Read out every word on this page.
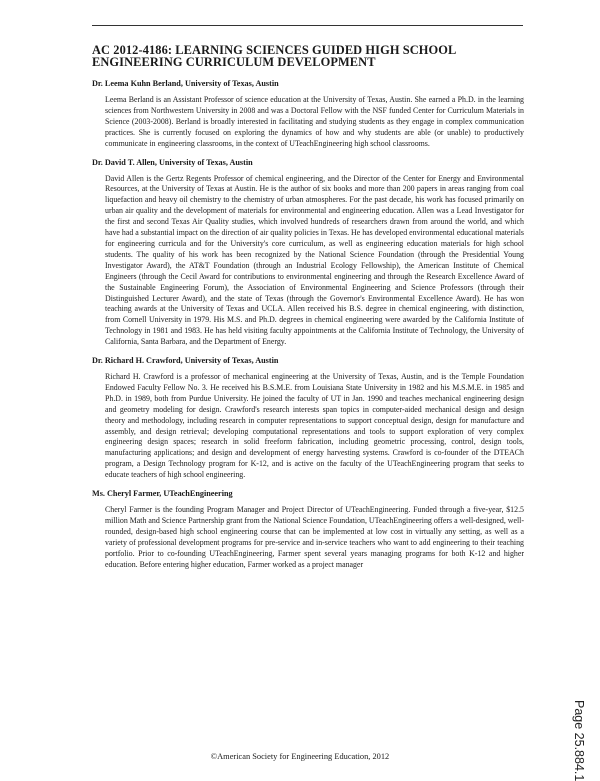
AC 2012-4186: LEARNING SCIENCES GUIDED HIGH SCHOOL ENGINEERING CURRICULUM DEVELOPMENT
Dr. Leema Kuhn Berland, University of Texas, Austin

Leema Berland is an Assistant Professor of science education at the University of Texas, Austin. She earned a Ph.D. in the learning sciences from Northwestern University in 2008 and was a Doctoral Fellow with the NSF funded Center for Curriculum Materials in Science (2003-2008). Berland is broadly interested in facilitating and studying students as they engage in complex communication practices. She is currently focused on exploring the dynamics of how and why students are able (or unable) to productively communicate in engineering classrooms, in the context of UTeachEngineering high school classrooms.

Dr. David T. Allen, University of Texas, Austin

David Allen is the Gertz Regents Professor of chemical engineering, and the Director of the Center for Energy and Environmental Resources, at the University of Texas at Austin. He is the author of six books and more than 200 papers in areas ranging from coal liquefaction and heavy oil chemistry to the chemistry of urban atmospheres. For the past decade, his work has focused primarily on urban air quality and the development of materials for environmental and engineering education. Allen was a Lead Investigator for the first and second Texas Air Quality studies, which involved hundreds of researchers drawn from around the world, and which have had a substantial impact on the direction of air quality policies in Texas. He has developed environmental educational materials for engineering curricula and for the University's core curriculum, as well as engineering education materials for high school students. The quality of his work has been recognized by the National Science Foundation (through the Presidential Young Investigator Award), the AT&T Foundation (through an Industrial Ecology Fellowship), the American Institute of Chemical Engineers (through the Cecil Award for contributions to environmental engineering and through the Research Excellence Award of the Sustainable Engineering Forum), the Association of Environmental Engineering and Science Professors (through their Distinguished Lecturer Award), and the state of Texas (through the Governor's Environmental Excellence Award). He has won teaching awards at the University of Texas and UCLA. Allen received his B.S. degree in chemical engineering, with distinction, from Cornell University in 1979. His M.S. and Ph.D. degrees in chemical engineering were awarded by the California Institute of Technology in 1981 and 1983. He has held visiting faculty appointments at the California Institute of Technology, the University of California, Santa Barbara, and the Department of Energy.

Dr. Richard H. Crawford, University of Texas, Austin

Richard H. Crawford is a professor of mechanical engineering at the University of Texas, Austin, and is the Temple Foundation Endowed Faculty Fellow No. 3. He received his B.S.M.E. from Louisiana State University in 1982 and his M.S.M.E. in 1985 and Ph.D. in 1989, both from Purdue University. He joined the faculty of UT in Jan. 1990 and teaches mechanical engineering design and geometry modeling for design. Crawford's research interests span topics in computer-aided mechanical design and design theory and methodology, including research in computer representations to support conceptual design, design for manufacture and assembly, and design retrieval; developing computational representations and tools to support exploration of very complex engineering design spaces; research in solid freeform fabrication, including geometric processing, control, design tools, manufacturing applications; and design and development of energy harvesting systems. Crawford is co-founder of the DTEACh program, a Design Technology program for K-12, and is active on the faculty of the UTeachEngineering program that seeks to educate teachers of high school engineering.

Ms. Cheryl Farmer, UTeachEngineering

Cheryl Farmer is the founding Program Manager and Project Director of UTeachEngineering. Funded through a five-year, $12.5 million Math and Science Partnership grant from the National Science Foundation, UTeachEngineering offers a well-designed, well-rounded, design-based high school engineering course that can be implemented at low cost in virtually any setting, as well as a variety of professional development programs for pre-service and in-service teachers who want to add engineering to their teaching portfolio. Prior to co-founding UTeachEngineering, Farmer spent several years managing programs for both K-12 and higher education. Before entering higher education, Farmer worked as a project manager

©American Society for Engineering Education, 2012	Page 25.884.1
